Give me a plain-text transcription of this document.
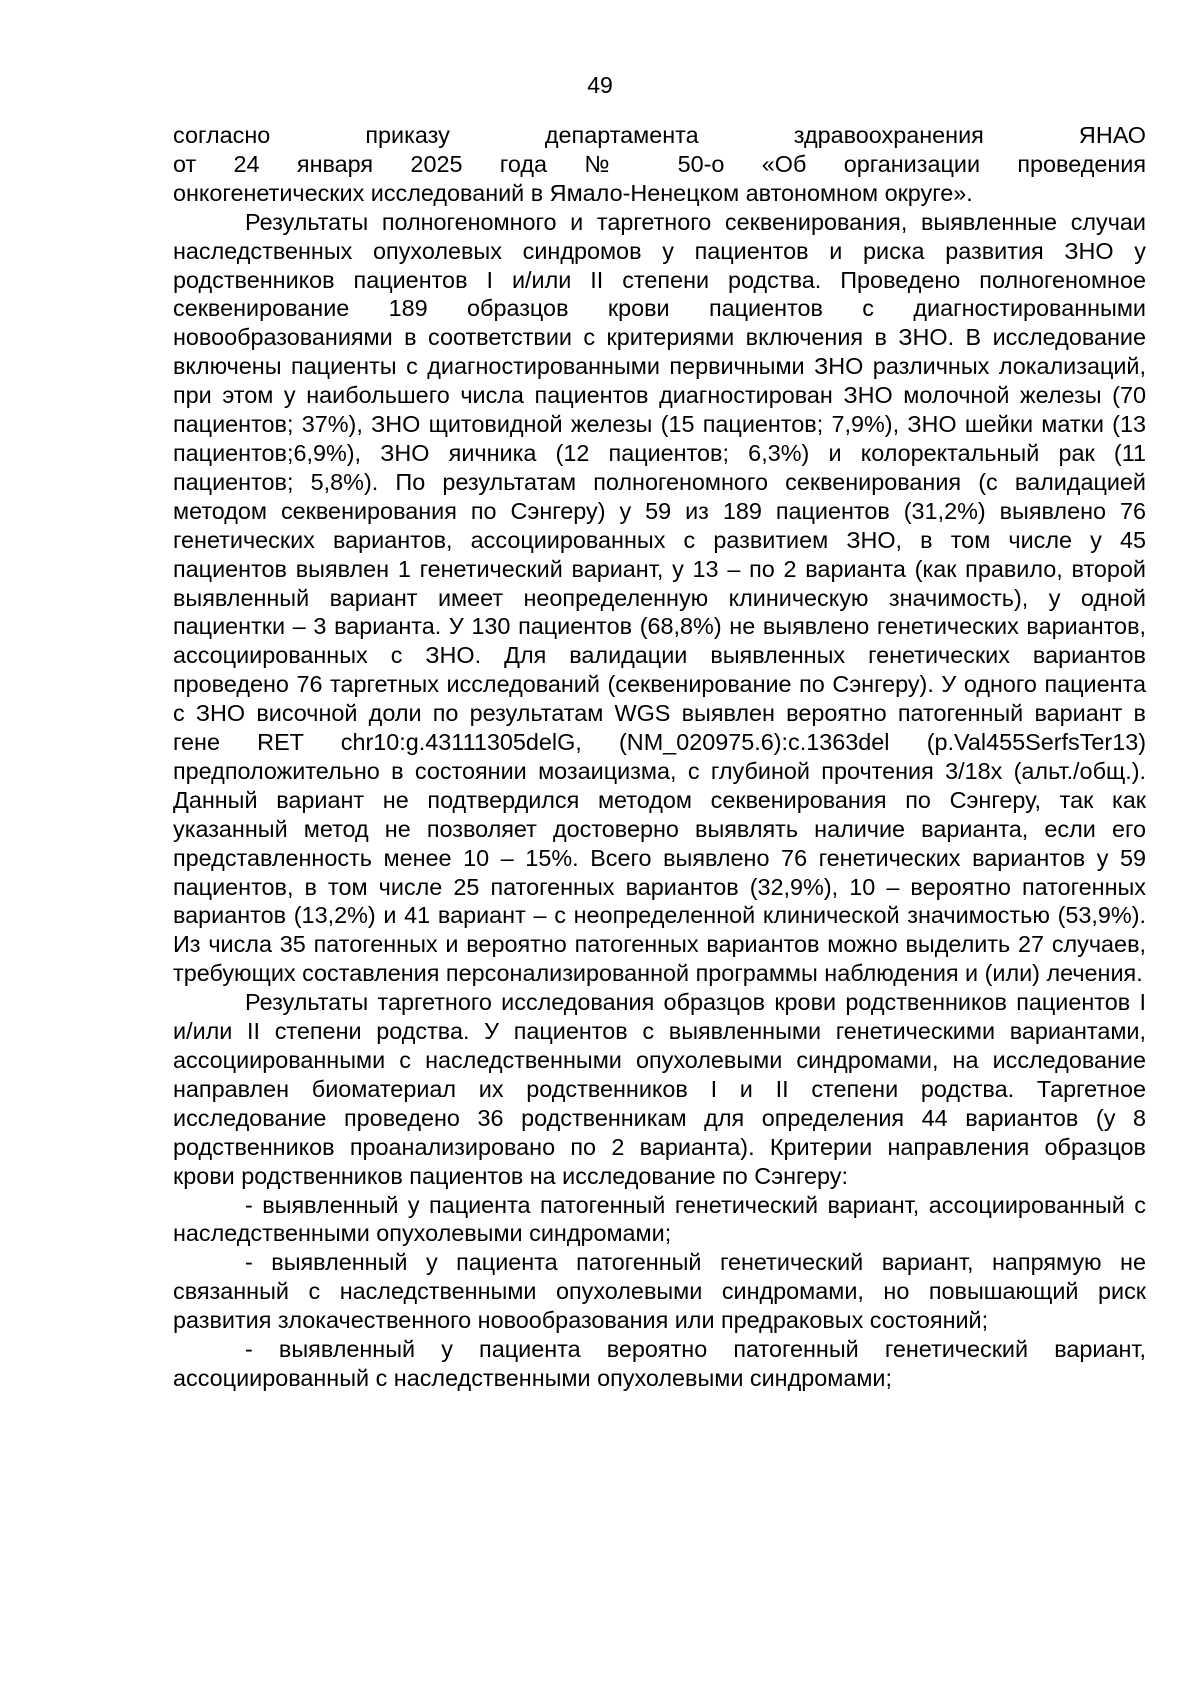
49

согласно приказу департамента здравоохранения ЯНАО
от 24 января 2025 года № 50-о «Об организации проведения
онкогенетических исследований в Ямало-Ненецком автономном округе».

Результаты полногеномного и таргетного секвенирования, выявленные случаи наследственных опухолевых синдромов у пациентов и риска развития ЗНО у родственников пациентов I и/или II степени родства. Проведено полногеномное секвенирование 189 образцов крови пациентов с диагностированными новообразованиями в соответствии с критериями включения в ЗНО. В исследование включены пациенты с диагностированными первичными ЗНО различных локализаций, при этом у наибольшего числа пациентов диагностирован ЗНО молочной железы (70 пациентов; 37%), ЗНО щитовидной железы (15 пациентов; 7,9%), ЗНО шейки матки (13 пациентов;6,9%), ЗНО яичника (12 пациентов; 6,3%) и колоректальный рак (11 пациентов; 5,8%). По результатам полногеномного секвенирования (с валидацией методом секвенирования по Сэнгеру) у 59 из 189 пациентов (31,2%) выявлено 76 генетических вариантов, ассоциированных с развитием ЗНО, в том числе у 45 пациентов выявлен 1 генетический вариант, у 13 – по 2 варианта (как правило, второй выявленный вариант имеет неопределенную клиническую значимость), у одной пациентки – 3 варианта. У 130 пациентов (68,8%) не выявлено генетических вариантов, ассоциированных с ЗНО. Для валидации выявленных генетических вариантов проведено 76 таргетных исследований (секвенирование по Сэнгеру). У одного пациента с ЗНО височной доли по результатам WGS выявлен вероятно патогенный вариант в гене RET chr10:g.43111305delG, (NM_020975.6):c.1363del (p.Val455SerfsTer13) предположительно в состоянии мозаицизма, с глубиной прочтения 3/18х (альт./общ.). Данный вариант не подтвердился методом секвенирования по Сэнгеру, так как указанный метод не позволяет достоверно выявлять наличие варианта, если его представленность менее 10 – 15%. Всего выявлено 76 генетических вариантов у 59 пациентов, в том числе 25 патогенных вариантов (32,9%), 10 – вероятно патогенных вариантов (13,2%) и 41 вариант – с неопределенной клинической значимостью (53,9%). Из числа 35 патогенных и вероятно патогенных вариантов можно выделить 27 случаев, требующих составления персонализированной программы наблюдения и (или) лечения.

Результаты таргетного исследования образцов крови родственников пациентов I и/или II степени родства. У пациентов с выявленными генетическими вариантами, ассоциированными с наследственными опухолевыми синдромами, на исследование направлен биоматериал их родственников I и II степени родства. Таргетное исследование проведено 36 родственникам для определения 44 вариантов (у 8 родственников проанализировано по 2 варианта). Критерии направления образцов крови родственников пациентов на исследование по Сэнгеру:

- выявленный у пациента патогенный генетический вариант, ассоциированный с наследственными опухолевыми синдромами;

- выявленный у пациента патогенный генетический вариант, напрямую не связанный с наследственными опухолевыми синдромами, но повышающий риск развития злокачественного новообразования или предраковых состояний;

- выявленный у пациента вероятно патогенный генетический вариант, ассоциированный с наследственными опухолевыми синдромами;
